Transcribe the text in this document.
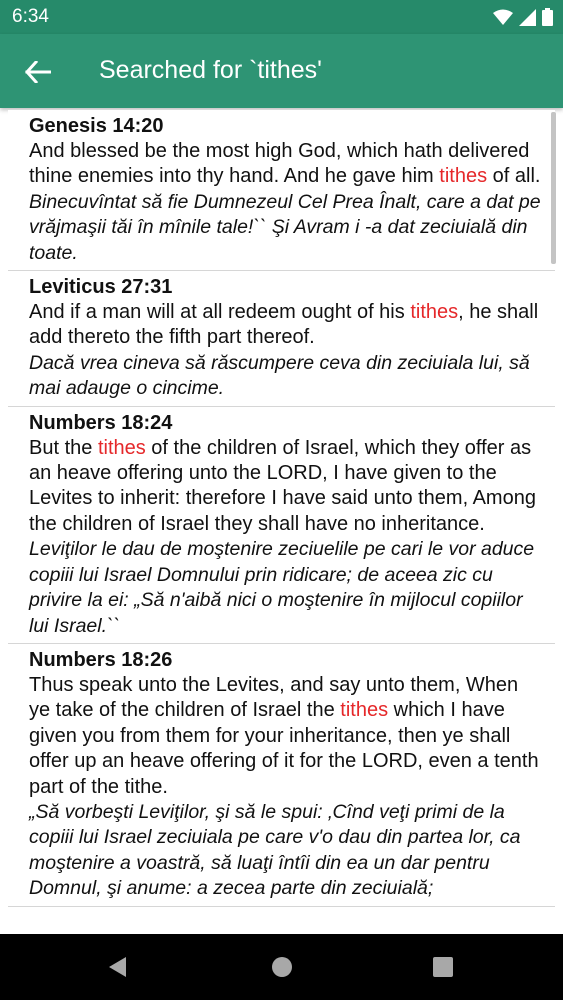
6:34
Searched for `tithes'
Genesis 14:20
And blessed be the most high God, which hath delivered thine enemies into thy hand. And he gave him tithes of all.
Binecuvîntat să fie Dumnezeul Cel Prea Înalt, care a dat pe vrăjmaşii tăi în mînile tale!`` Şi Avram i -a dat zeciuială din toate.
Leviticus 27:31
And if a man will at all redeem ought of his tithes, he shall add thereto the fifth part thereof.
Dacă vrea cineva să răscumpere ceva din zeciuiala lui, să mai adauge o cincime.
Numbers 18:24
But the tithes of the children of Israel, which they offer as an heave offering unto the LORD, I have given to the Levites to inherit: therefore I have said unto them, Among the children of Israel they shall have no inheritance.
Leviţilor le dau de moştenire zeciuelile pe cari le vor aduce copiii lui Israel Domnului prin ridicare; de aceea zic cu privire la ei: „Să n'aibă nici o moştenire în mijlocul copiilor lui Israel.``
Numbers 18:26
Thus speak unto the Levites, and say unto them, When ye take of the children of Israel the tithes which I have given you from them for your inheritance, then ye shall offer up an heave offering of it for the LORD, even a tenth part of the tithe.
„Să vorbeşti Leviţilor, şi să le spui: ‚Cînd veţi primi de la copiii lui Israel zeciuiala pe care v'o dau din partea lor, ca moştenire a voastră, să luaţi întîi din ea un dar pentru Domnul, şi anume: a zecea parte din zeciuială;
